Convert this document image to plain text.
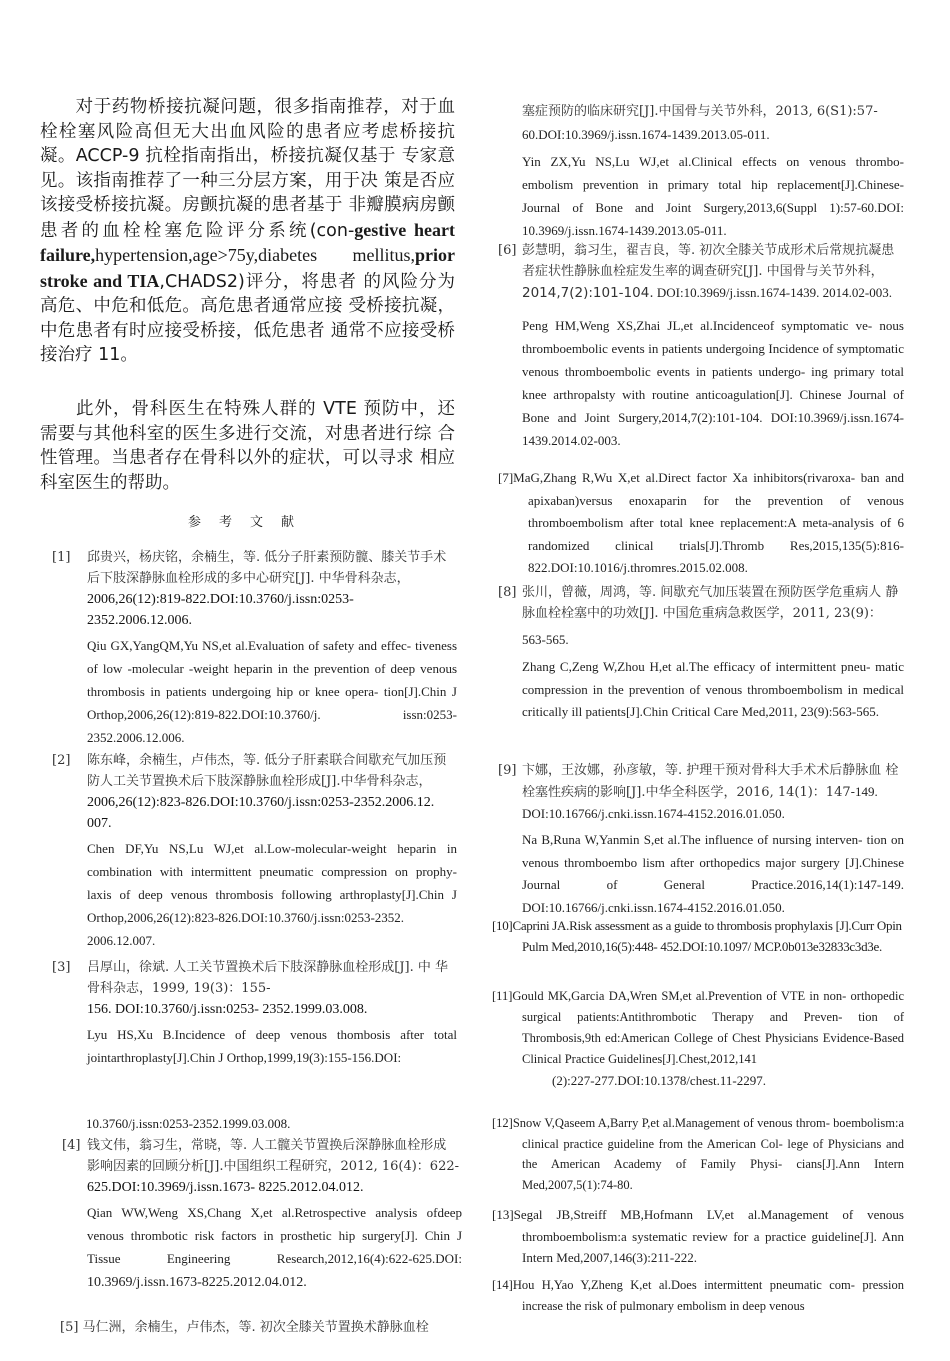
对于药物桥接抗凝问题，很多指南推荐，对于血栓栓塞风险高但无大出血风险的患者应考虑桥接抗凝。ACCP-9 抗栓指南指出，桥接抗凝仅基于 专家意见。该指南推荐了一种三分层方案，用于决 策是否应该接受桥接抗凝。房颤抗凝的患者基于 非瓣膜病房颤患者的血栓栓塞危险评分系统(con-gestive heart failure,hypertension,age>75y,diabetes mellitus,prior stroke and TIA,CHADS2)评分，将患者 的风险分为高危、中危和低危。高危患者通常应接 受桥接抗凝，中危患者有时应接受桥接，低危患者 通常不应接受桥接治疗 11。

此外，骨科医生在特殊人群的 VTE 预防中，还 需要与其他科室的医生多进行交流，对患者进行综 合性管理。当患者存在骨科以外的症状，可以寻求 相应科室医生的帮助。

参考文献
[1] 邱贵兴，杨庆铭，余楠生，等. 低分子肝素预防髋、膝关节手术后下肢深静脉血栓形成的多中心研究[J]. 中华骨科杂志，2006,26(12):819-822.DOI:10.3760/j.issn:0253-2352.2006.12.006.
Qiu GX,YangQM,Yu NS,et al.Evaluation of safety and effec- tiveness of low -molecular -weight heparin in the prevention of deep venous thrombosis in patients undergoing hip or knee opera- tion[J].Chin J Orthop,2006,26(12):819-822.DOI:10.3760/j. issn:0253-2352.2006.12.006.
[2] 陈东峰，余楠生，卢伟杰，等. 低分子肝素联合间歇充气加压预防人工关节置换术后下肢深静脉血栓形成[J].中华骨科杂志，2006,26(12):823-826.DOI:10.3760/j.issn:0253-2352.2006.12. 007.
Chen DF,Yu NS,Lu WJ,et al.Low-molecular-weight heparin in combination with intermittent pneumatic compression on prophy- laxis of deep venous thrombosis following arthroplasty[J].Chin J Orthop,2006,26(12):823-826.DOI:10.3760/j.issn:0253-2352. 2006.12.007.
[3] 吕厚山，徐斌. 人工关节置换术后下肢深静脉血栓形成[J]. 中 华骨科杂志，1999, 19(3)：155-
156. DOI:10.3760/j.issn:0253- 2352.1999.03.008.
Lyu HS,Xu B.Incidence of deep venous thombosis after total jointarthroplasty[J].Chin J Orthop,1999,19(3):155-156.DOI:
10.3760/j.issn:0253-2352.1999.03.008.
[4] 钱文伟，翁习生，常晓，等. 人工髋关节置换后深静脉血栓形成 影响因素的回顾分析[J].中国组织工程研究，2012, 16(4)：622-625.DOI:10.3969/j.issn.1673- 8225.2012.04.012.
Qian WW,Weng XS,Chang X,et al.Retrospective analysis ofdeep venous thrombotic risk factors in prosthetic hip surgery[J]. Chin J Tissue Engineering Research,2012,16(4):622-625.DOI: 10.3969/j.issn.1673-8225.2012.04.012.
[5] 马仁洲，余楠生，卢伟杰，等. 初次全膝关节置换术静脉血栓
塞症预防的临床研究[J].中国骨与关节外科，2013, 6(S1):57-
60.DOI:10.3969/j.issn.1674-1439.2013.05-011.
Yin ZX,Yu NS,Lu WJ,et al.Clinical effects on venous thrombo- embolism prevention in primary total hip replacement[J].Chinese- Journal of Bone and Joint Surgery,2013,6(Suppl 1):57-60.DOI: 10.3969/j.issn.1674-1439.2013.05-011.
[6] 彭慧明，翁习生，翟吉良，等. 初次全膝关节成形术后常规抗凝患者症状性静脉血栓症发生率的调查研究[J]. 中国骨与关节外科，2014,7(2):101-104. DOI:10.3969/j.issn.1674-1439. 2014.02-003.
Peng HM,Weng XS,Zhai JL,et al.Incidenceof symptomatic ve- nous thromboembolic events in patients undergoing Incidence of symptomatic venous thromboembolic events in patients undergo- ing primary total knee arthropalsty with routine anticoagulation[J]. Chinese Journal of Bone and Joint Surgery,2014,7(2):101-104. DOI:10.3969/j.issn.1674-1439.2014.02-003.
[7]MaG,Zhang R,Wu X,et al.Direct factor Xa inhibitors(rivaroxa- ban and apixaban)versus enoxaparin for the prevention of venous thromboembolism after total knee replacement:A meta-analysis of 6 randomized clinical trials[J].Thromb Res,2015,135(5):816-822.DOI:10.1016/j.thromres.2015.02.008.
[8] 张川，曾薇，周鸿，等. 间歇充气加压装置在预防医学危重病人 静脉血栓栓塞中的功效[J]. 中国危重病急救医学，2011, 23(9)：
563-565.
Zhang C,Zeng W,Zhou H,et al.The efficacy of intermittent pneu- matic compression in the prevention of venous thromboembolism in medical critically ill patients[J].Chin Critical Care Med,2011, 23(9):563-565.
[9] 卞娜，王汝娜，孙彦敏，等. 护理干预对骨科大手术术后静脉血 栓栓塞性疾病的影响[J].中华全科医学，2016, 14(1)：147-149. DOI:10.16766/j.cnki.issn.1674-4152.2016.01.050.
Na B,Runa W,Yanmin S,et al.The influence of nursing interven- tion on venous thromboembo lism after orthopedics major surgery [J].Chinese Journal of General Practice.2016,14(1):147-149. DOI:10.16766/j.cnki.issn.1674-4152.2016.01.050.
[10]Caprini JA.Risk assessment as a guide to thrombosis prophylaxis [J].Curr Opin Pulm Med,2010,16(5):448- 452.DOI:10.1097/ MCP.0b013e32833c3d3e.
[11]Gould MK,Garcia DA,Wren SM,et al.Prevention of VTE in non- orthopedic surgical patients:Antithrombotic Therapy and Preven- tion of Thrombosis,9th ed:American College of Chest Physicians Evidence-Based Clinical Practice Guidelines[J].Chest,2012,141
(2):227-277.DOI:10.1378/chest.11-2297.
[12]Snow V,Qaseem A,Barry P,et al.Management of venous throm- boembolism:a clinical practice guideline from the American Col- lege of Physicians and the American Academy of Family Physi- cians[J].Ann Intern Med,2007,5(1):74-80.
[13]Segal JB,Streiff MB,Hofmann LV,et al.Management of venous thromboembolism:a systematic review for a practice guideline[J]. Ann Intern Med,2007,146(3):211-222.
[14]Hou H,Yao Y,Zheng K,et al.Does intermittent pneumatic com- pression increase the risk of pulmonary embolism in deep venous
